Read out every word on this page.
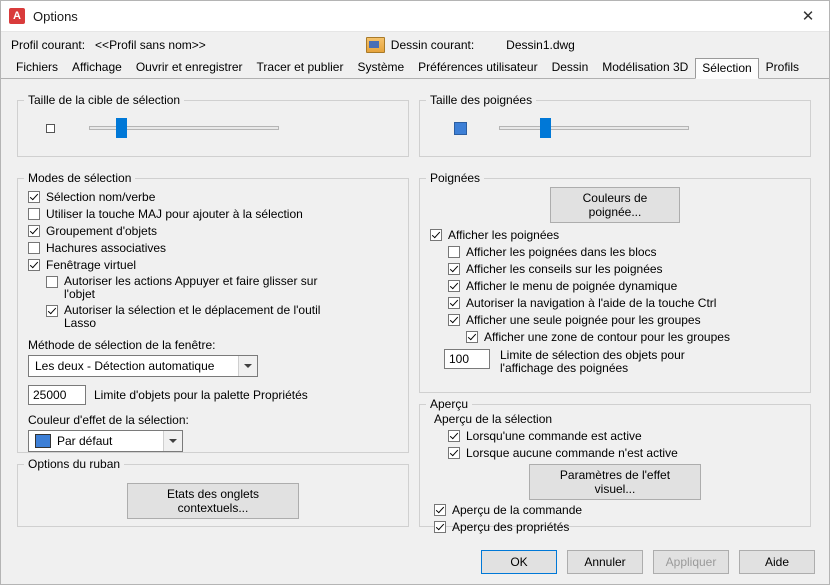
A Options	✕
Profil courant: <<Profil sans nom>>	Dessin courant:	Dessin1.dwg
Fichiers	Affichage	Ouvrir et enregistrer	Tracer et publier	Système	Préférences utilisateur	Dessin	Modélisation 3D	Sélection	Profils
Taille de la cible de sélection	Taille des poignées
Modes de sélection
Sélection nom/verbe
Utiliser la touche MAJ pour ajouter à la sélection
Groupement d'objets
Hachures associatives
Fenêtrage virtuel
Autoriser les actions Appuyer et faire glisser sur l'objet
Autoriser la sélection et le déplacement de l'outil Lasso
Méthode de sélection de la fenêtre:
Les deux - Détection automatique
25000
Limite d'objets pour la palette Propriétés
Couleur d'effet de la sélection:
Par défaut
Options du ruban
Etats des onglets contextuels...
Poignées
Couleurs de poignée...
Afficher les poignées
Afficher les poignées dans les blocs
Afficher les conseils sur les poignées
Afficher le menu de poignée dynamique
Autoriser la navigation à l'aide de la touche Ctrl
Afficher une seule poignée pour les groupes
Afficher une zone de contour pour les groupes
100
Limite de sélection des objets pour l'affichage des poignées
Aperçu
Aperçu de la sélection
Lorsqu'une commande est active
Lorsque aucune commande n'est active
Paramètres de l'effet visuel...
Aperçu de la commande
Aperçu des propriétés
OK	Annuler	Appliquer	Aide
